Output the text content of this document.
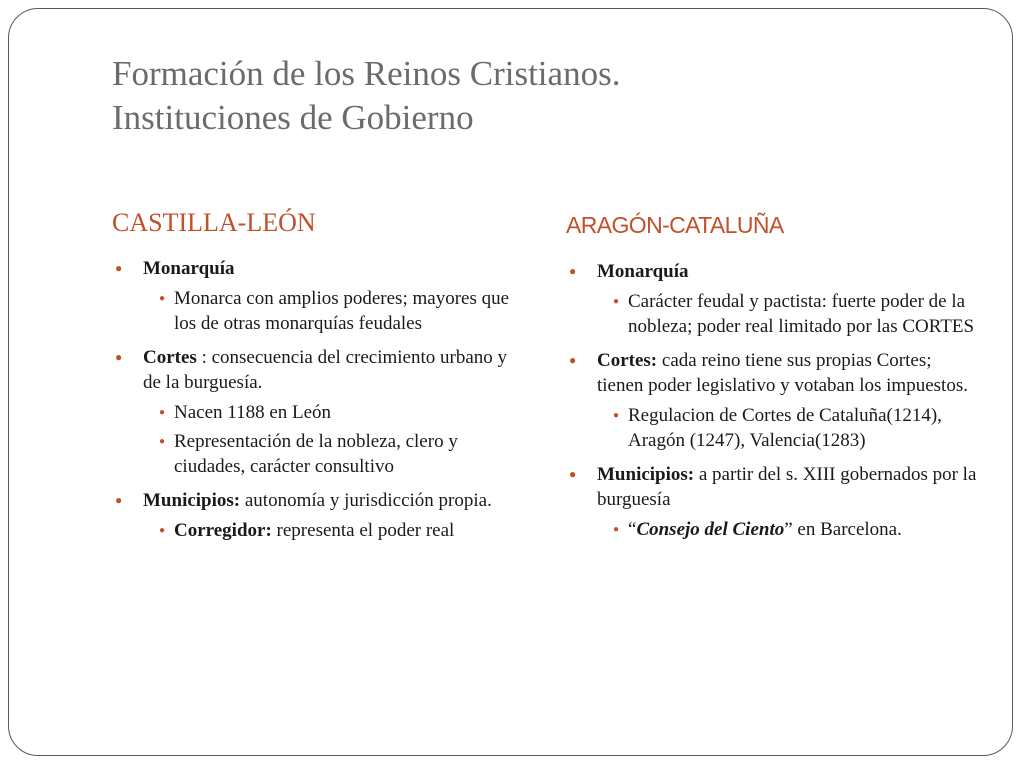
Formación de los Reinos Cristianos.
Instituciones de Gobierno
CASTILLA-LEÓN	ARAGÓN-CATALUÑA
● Monarquía
● Monarca con amplios poderes; mayores que los de otras monarquías feudales
● Cortes : consecuencia del crecimiento urbano y de la burguesía.
● Nacen 1188 en León
● Representación de la nobleza, clero y ciudades, carácter consultivo
● Municipios: autonomía y jurisdicción propia.
● Corregidor: representa el poder real
● Monarquía
● Carácter feudal y pactista: fuerte poder de la nobleza; poder real limitado por las CORTES
● Cortes: cada reino tiene sus propias Cortes; tienen poder legislativo y votaban los impuestos.
● Regulacion de Cortes de Cataluña(1214), Aragón (1247), Valencia(1283)
● Municipios: a partir del s. XIII gobernados por la burguesía
● “Consejo del Ciento” en Barcelona.
